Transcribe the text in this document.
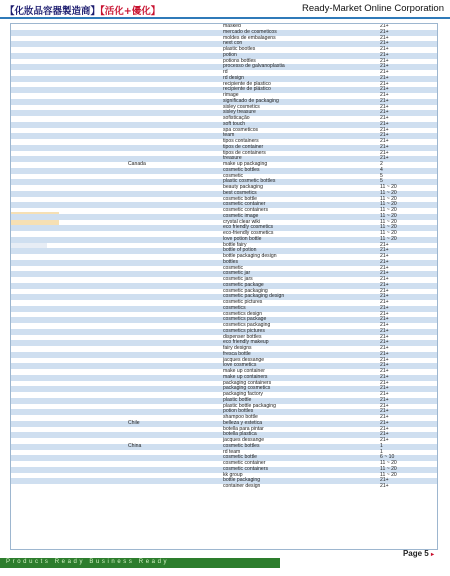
【化妝品容器製造商】【活化+優化】	Ready-Market Online Corporation
masked	21+
mercado de cosmeticos	21+
moldes de embalagens	21+
next con	21+
plastic bootles	21+
potion	21+
potions bottles	21+
processo de galvanoplastia	21+
rd	21+
rd design	21+
recipiente de plastico	21+
recipiente de plástico	21+
rimage	21+
significado de packaging	21+
sisley cosmetics	21+
sisley treasure	21+
sofisticação	21+
soft touch	21+
spa cosmeticos	21+
team	21+
tipos containers	21+
tipos de container	21+
tipos de containers	21+
treasure	21+
Canada	make up packaging	2
cosmetic bottles	4
cosmetic	5
plastic cosmetic bottles	5
beauty packaging	11 ~ 20
best cosmetics	11 ~ 20
cosmetic bottle	11 ~ 20
cosmetic container	11 ~ 20
cosmetic containers	11 ~ 20
cosmetic image	11 ~ 20
crystal clear wiki	11 ~ 20
eco friendly cosmetics	11 ~ 20
eco-friendly cosmetics	11 ~ 20
love potion bottle	11 ~ 20
bottle fairy	21+
bottle of potion	21+
bottle packaging design	21+
bottles	21+
cosmetic	21+
cosmetic jar	21+
cosmetic jars	21+
cosmetic package	21+
cosmetic packaging	21+
cosmetic packaging design	21+
cosmetic pictures	21+
cosmetics	21+
cosmetics design	21+
cosmetics package	21+
cosmetics packaging	21+
cosmetics pictures	21+
dispenser bottles	21+
eco friendly makeup	21+
fairy designs	21+
fresca bottle	21+
jacques dessange	21+
love cosmetics	21+
make up container	21+
make up containers	21+
packaging containers	21+
packaging cosmetics	21+
packaging factory	21+
plastic bottle	21+
plastic bottle packaging	21+
potion bottles	21+
shampoo bottle	21+
Chile	belleza y estetica	21+
botella para pintar	21+
botella plastica	21+
jacques dessange	21+
China	cosmetic bottles	1
rd team	1
cosmetic bottle	6 ~ 10
cosmetic container	11 ~ 20
cosmetic containers	11 ~ 20
kk group	11 ~ 20
bottle packaging	21+
container design	21+
Products Ready Business Ready
Page 5 ▸
